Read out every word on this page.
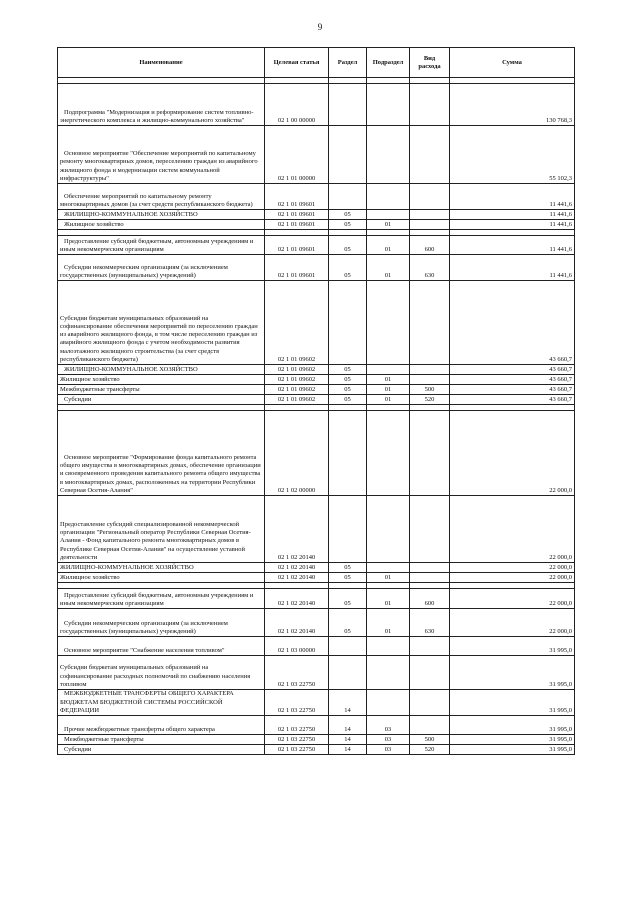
9
Наименование	Целевая статья	Раздел	Подраздел	Вид расхода	Сумма

Подпрограмма "Модернизация и реформирование систем топливно-энергетического комплекса и жилищно-коммунального хозяйства"	02 1 00 00000				130 768,3
Основное мероприятие "Обеспечение мероприятий по капитальному ремонту многоквартирных домов, переселению граждан из аварийного жилищного фонда и модернизации систем коммунальной инфраструктуры"	02 1 01 00000				55 102,3
Обеспечение мероприятий по капитальному ремонту многоквартирных домов (за счет средств республиканского бюджета)	02 1 01 09601				11 441,6
ЖИЛИЩНО-КОММУНАЛЬНОЕ ХОЗЯЙСТВО	02 1 01 09601	05			11 441,6
Жилищное хозяйство	02 1 01 09601	05	01		11 441,6

Предоставление субсидий бюджетным, автономным учреждениям и иным некоммерческим организациям	02 1 01 09601	05	01	600	11 441,6
Субсидии некоммерческим организациям (за исключением государственных (муниципальных) учреждений)	02 1 01 09601	05	01	630	11 441,6
Субсидии бюджетам муниципальных образований на софинансирование обеспечения мероприятий по переселению граждан из аварийного жилищного фонда, в том числе переселению граждан из аварийного жилищного фонда с учетом необходимости развития малоэтажного жилищного строительства (за счет средств республиканского бюджета)	02 1 01 09602				43 660,7
ЖИЛИЩНО-КОММУНАЛЬНОЕ ХОЗЯЙСТВО	02 1 01 09602	05			43 660,7
Жилищное хозяйство	02 1 01 09602	05	01		43 660,7
Межбюджетные трансферты	02 1 01 09602	05	01	500	43 660,7
Субсидии	02 1 01 09602	05	01	520	43 660,7

Основное мероприятие "Формирование фонда капитального ремонта общего имущества в многоквартирных домах, обеспечение организации и своевременного проведения капитального ремонта общего имущества в многоквартирных домах, расположенных на территории Республики Северная Осетия-Алания"	02 1 02 00000				22 000,0
Предоставление субсидий специализированной некоммерческой организации "Региональный оператор Республики Северная Осетия-Алания - Фонд капитального ремонта многоквартирных домов в Республике Северная Осетия-Алания" на осуществление уставной деятельности	02 1 02 20140				22 000,0
ЖИЛИЩНО-КОММУНАЛЬНОЕ ХОЗЯЙСТВО	02 1 02 20140	05			22 000,0
Жилищное хозяйство	02 1 02 20140	05	01		22 000,0

Предоставление субсидий бюджетным, автономным учреждениям и иным некоммерческим организациям	02 1 02 20140	05	01	600	22 000,0
Субсидии некоммерческим организациям (за исключением государственных (муниципальных) учреждений)	02 1 02 20140	05	01	630	22 000,0
Основное мероприятие "Снабжение населения топливом"	02 1 03 00000				31 995,0
Субсидии бюджетам муниципальных образований на софинансирование расходных полномочий по снабжению населения топливом	02 1 03 22750				31 995,0
МЕЖБЮДЖЕТНЫЕ ТРАНСФЕРТЫ ОБЩЕГО ХАРАКТЕРА БЮДЖЕТАМ БЮДЖЕТНОЙ СИСТЕМЫ РОССИЙСКОЙ ФЕДЕРАЦИИ	02 1 03 22750	14			31 995,0
Прочие межбюджетные трансферты общего характера	02 1 03 22750	14	03		31 995,0
Межбюджетные трансферты	02 1 03 22750	14	03	500	31 995,0
Субсидии	02 1 03 22750	14	03	520	31 995,0
